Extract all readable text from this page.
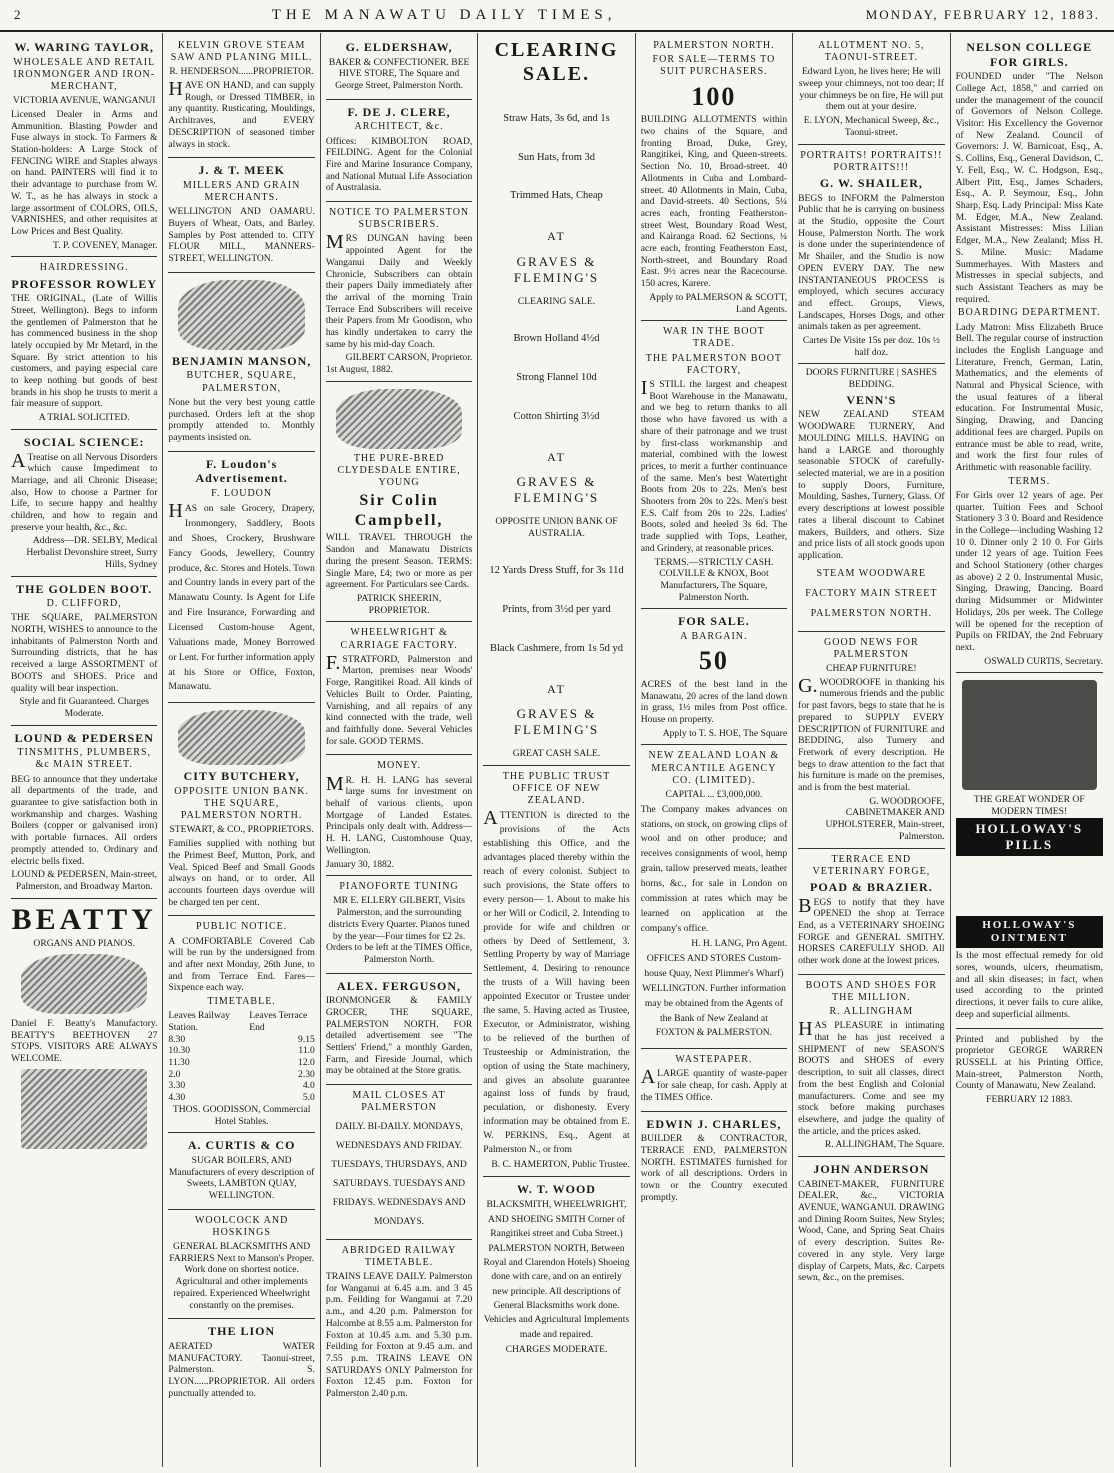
2	THE MANAWATU DAILY TIMES,	MONDAY, FEBRUARY 12, 1883.
W. WARING TAYLOR,
WHOLESALE AND RETAIL IRONMONGER AND IRON-MERCHANT,
VICTORIA AVENUE, WANGANUI

Licensed Dealer in Arms and Ammunition. Blasting Powder and Fuse always in stock. To Farmers & Station-holders: A Large Stock of FENCING WIRE and Staples always on hand. PAINTERS will find it to their advantage to purchase from W. W. T., as he has always in stock a large assortment of COLORS, OILS, VARNISHES, and other requisites at Low Prices and Best Quality.

T. P. COVENEY, Manager.
HAIRDRESSING.
PROFESSOR ROWLEY

THE ORIGINAL, (Late of Willis Street, Wellington). Begs to inform the gentlemen of Palmerston that he has commenced business in the shop lately occupied by Mr Metard, in the Square. By strict attention to his customers, and paying especial care to keep nothing but goods of best brands in his shop he trusts to merit a fair measure of support.

A TRIAL SOLICITED.
SOCIAL SCIENCE:

ATreatise on all Nervous Disorders which cause Impediment to Marriage, and all Chronic Disease; also, How to choose a Partner for Life, to secure happy and healthy children, and how to regain and preserve your health, &c., &c.

Address—DR. SELBY, Medical Herbalist Devonshire street, Surry Hills, Sydney
THE GOLDEN BOOT.
D. CLIFFORD,

THE SQUARE, PALMERSTON NORTH, WISHES to announce to the inhabitants of Palmerston North and Surrounding districts, that he has received a large ASSORTMENT of BOOTS and SHOES. Price and quality will bear inspection.

Style and fit Guaranteed. Charges Moderate.
LOUND & PEDERSEN
TINSMITHS, PLUMBERS, &c MAIN STREET.

BEG to announce that they undertake all departments of the trade, and guarantee to give satisfaction both in workmanship and charges. Washing Boilers (copper or galvanised iron) with portable furnaces. All orders promptly attended to. Ordinary and electric bells fixed.

LOUND & PEDERSEN, Main-street, Palmerston, and Broadway Marton.
BEATTY
ORGANS AND PIANOS.

Daniel F. Beatty's Manufactory. BEATTY'S BEETHOVEN 27 STOPS. VISITORS ARE ALWAYS WELCOME.

KELVIN GROVE STEAM SAW AND PLANING MILL.
R. HENDERSON......PROPRIETOR.

HAVE ON HAND, and can supply Rough, or Dressed TIMBER, in any quantity. Rusticating, Mouldings, Architraves, and EVERY DESCRIPTION of seasoned timber always in stock.

J. & T. MEEK
MILLERS AND GRAIN MERCHANTS.

WELLINGTON AND OAMARU. Buyers of Wheat, Oats, and Barley. Samples by Post attended to. CITY FLOUR MILL, MANNERS-STREET, WELLINGTON.

BENJAMIN MANSON,
BUTCHER, SQUARE, PALMERSTON,

None but the very best young cattle purchased. Orders left at the shop promptly attended to. Monthly payments insisted on.

F. Loudon's Advertisement.
F. LOUDON

HAS on sale Grocery, Drapery, Ironmongery, Saddlery, Boots and Shoes, Crockery, Brushware Fancy Goods, Jewellery, Country produce, &c. Stores and Hotels. Town and Country lands in every part of the Manawatu County. Is Agent for Life and Fire Insurance, Forwarding and Licensed Custom-house Agent, Valuations made, Money Borrowed or Lent. For further information apply at his Store or Office, Foxton, Manawatu.

CITY BUTCHERY,
OPPOSITE UNION BANK. THE SQUARE, PALMERSTON NORTH.
STEWART, & CO., PROPRIETORS.

Families supplied with nothing but the Primest Beef, Mutton, Pork, and Veal. Spiced Beef and Small Goods always on hand, or to order. All accounts fourteen days overdue will be charged ten per cent.

PUBLIC NOTICE.

A COMFORTABLE Covered Cab will be run by the undersigned from and after next Monday, 26th June, to and from Terrace End. Fares—Sixpence each way.

TIMETABLE.
Leaves Railway Station.
Leaves Terrace End
8.30	9.15
10.30	11.0
11.30	12.0
2.0	2.30
3.30	4.0
4.30	5.0
THOS. GOODISSON, Commercial Hotel Stables.
A. CURTIS & CO

SUGAR BOILERS, AND Manufacturers of every description of Sweets, LAMBTON QUAY, WELLINGTON.

WOOLCOCK AND HOSKINGS

GENERAL BLACKSMITHS AND FARRIERS Next to Manson's Proper. Work done on shortest notice. Agricultural and other implements repaired. Experienced Wheelwright constantly on the premises.

THE LION

AERATED WATER MANUFACTORY. Taonui-street, Palmerston. S. LYON......PROPRIETOR. All orders punctually attended to.

G. ELDERSHAW,

BAKER & CONFECTIONER. BEE HIVE STORE, The Square and George Street, Palmerston North.

F. DE J. CLERE,
ARCHITECT, &c.

Offices: KIMBOLTON ROAD, FEILDING. Agent for the Colonial Fire and Marine Insurance Company, and National Mutual Life Association of Australasia.

NOTICE TO PALMERSTON SUBSCRIBERS.

MRS DUNGAN having been appointed Agent for the Wanganui Daily and Weekly Chronicle, Subscribers can obtain their papers Daily immediately after the arrival of the morning Train Terrace End Subscribers will receive their Papers from Mr Goodison, who has kindly undertaken to carry the same by his mid-day Coach.

GILBERT CARSON, Proprietor.
1st August, 1882.
THE PURE-BRED CLYDESDALE ENTIRE, YOUNG
Sir Colin Campbell,

WILL TRAVEL THROUGH the Sandon and Manawatu Districts during the present Season. TERMS: Single Mare, £4; two or more as per agreement. For Particulars see Cards.

PATRICK SHEERIN, PROPRIETOR.
WHEELWRIGHT & CARRIAGE FACTORY.

F.STRATFORD, Palmerston and Marton, premises near Woods' Forge, Rangitikei Road. All kinds of Vehicles Built to Order. Painting, Varnishing, and all repairs of any kind connected with the trade, well and faithfully done. Several Vehicles for sale. GOOD TERMS.

MONEY.

MR. H. H. LANG has several large sums for investment on behalf of various clients, upon Mortgage of Landed Estates. Principals only dealt with. Address— H. H. LANG, Customhouse Quay, Wellington.

January 30, 1882.
PIANOFORTE TUNING

MR E. ELLERY GILBERT, Visits Palmerston, and the surrounding districts Every Quarter. Pianos tuned by the year—Four times for £2 2s. Orders to be left at the TIMES Office, Palmerston North.

ALEX. FERGUSON,

IRONMONGER & FAMILY GROCER, THE SQUARE, PALMERSTON NORTH. FOR detailed advertisement see "The Settlers' Friend," a monthly Garden, Farm, and Fireside Journal, which may be obtained at the Store gratis.

MAIL CLOSES AT PALMERSTON

DAILY. BI-DAILY. MONDAYS, WEDNESDAYS AND FRIDAY. TUESDAYS, THURSDAYS, AND SATURDAYS. TUESDAYS AND FRIDAYS. WEDNESDAYS AND MONDAYS.

ABRIDGED RAILWAY TIMETABLE.

TRAINS LEAVE DAILY. Palmerston for Wanganui at 6.45 a.m. and 3 45 p.m. Feilding for Wanganui at 7.20 a.m., and 4.20 p.m. Palmerston for Halcombe at 8.55 a.m. Palmerston for Foxton at 10.45 a.m. and 5.30 p.m. Feilding for Foxton at 9.45 a.m. and 7.55 p.m. TRAINS LEAVE ON SATURDAYS ONLY Palmerston for Foxton 12.45 p.m. Foxton for Palmerston 2.40 p.m.

CLEARING SALE.
Straw Hats, 3s 6d, and 1s
Sun Hats, from 3d
Trimmed Hats, Cheap
AT
GRAVES & FLEMING'S
CLEARING SALE.
Brown Holland 4½d
Strong Flannel 10d
Cotton Shirting 3½d
AT
GRAVES & FLEMING'S
OPPOSITE UNION BANK OF AUSTRALIA.
12 Yards Dress Stuff, for 3s 11d
Prints, from 3½d per yard
Black Cashmere, from 1s 5d yd
AT
GRAVES & FLEMING'S
GREAT CASH SALE.
THE PUBLIC TRUST OFFICE OF NEW ZEALAND.

ATTENTION is directed to the provisions of the Acts establishing this Office, and the advantages placed thereby within the reach of every colonist. Subject to such provisions, the State offers to every person— 1. About to make his or her Will or Codicil, 2. Intending to provide for wife and children or others by Deed of Settlement, 3. Settling Property by way of Marriage Settlement, 4. Desiring to renounce the trusts of a Will having been appointed Executor or Trustee under the same, 5. Having acted as Trustee, Executor, or Administrator, wishing to be relieved of the burthen of Trusteeship or Administration, the option of using the State machinery, and gives an absolute guarantee against loss of funds by fraud, peculation, or dishonesty. Every information may be obtained from E. W. PERKINS, Esq., Agent at Palmerston N., or from

B. C. HAMERTON, Public Trustee.
W. T. WOOD

BLACKSMITH, WHEELWRIGHT, AND SHOEING SMITH Corner of Rangitikei street and Cuba Street.) PALMERSTON NORTH, Between Royal and Clarendon Hotels) Shoeing done with care, and on an entirely new principle. All descriptions of General Blacksmiths work done. Vehicles and Agricultural Implements made and repaired.

CHARGES MODERATE.
PALMERSTON NORTH.
FOR SALE—TERMS TO SUIT PURCHASERS.
100

BUILDING ALLOTMENTS within two chains of the Square, and fronting Broad, Duke, Grey, Rangitikei, King, and Queen-streets. Section No. 10, Broad-street. 40 Allotments in Cuba and Lombard-street. 40 Allotments in Main, Cuba, and David-streets. 40 Sections, 5¼ acres each, fronting Featherston-street West, Boundary Road West, and Kairanga Road. 62 Sections, ¼ acre each, fronting Featherston East, North-street, and Boundary Road East. 9½ acres near the Racecourse. 150 acres, Karere.

Apply to PALMERSON & SCOTT, Land Agents.
WAR IN THE BOOT TRADE.
THE PALMERSTON BOOT FACTORY,

IS STILL the largest and cheapest Boot Warehouse in the Manawatu, and we beg to return thanks to all those who have favored us with a share of their patronage and we trust by first-class workmanship and material, combined with the lowest prices, to merit a further continuance of the same. Men's best Watertight Boots from 20s to 22s. Men's best Shooters from 20s to 22s. Men's best E.S. Calf from 20s to 22s. Ladies' Boots, soled and heeled 3s 6d. The trade supplied with Tops, Leather, and Grindery, at reasonable prices.

TERMS.—STRICTLY CASH.
COLVILLE & KNOX, Boot Manufacturers, The Square, Palmerston North.
FOR SALE.
A BARGAIN.
50

ACRES of the best land in the Manawatu, 20 acres of the land down in grass, 1½ miles from Post office. House on property.

Apply to T. S. HOE, The Square
NEW ZEALAND LOAN & MERCANTILE AGENCY CO. (LIMITED).
CAPITAL ... £3,000,000.

The Company makes advances on stations, on stock, on growing clips of wool and on other produce; and receives consignments of wool, hemp grain, tallow preserved meats, leather horns, &c., for sale in London on commission at rates which may be learned on application at the company's office.

H. H. LANG, Pro Agent.

OFFICES AND STORES Custom-house Quay, Next Plimmer's Wharf) WELLINGTON. Further information may be obtained from the Agents of the Bank of New Zealand at FOXTON & PALMERSTON.

WASTEPAPER.

ALARGE quantity of waste-paper for sale cheap, for cash. Apply at the TIMES Office.

EDWIN J. CHARLES,

BUILDER & CONTRACTOR, TERRACE END, PALMERSTON NORTH. ESTIMATES furnished for work of all descriptions. Orders in town or the Country executed promptly.

ALLOTMENT NO. 5, TAONUI-STREET.

Edward Lyon, he lives here; He will sweep your chimneys, not too dear; If your chimneys be on fire, He will put them out at your desire.

E. LYON, Mechanical Sweep, &c., Taonui-street.
PORTRAITS! PORTRAITS!! PORTRAITS!!!
G. W. SHAILER,

BEGS to INFORM the Palmerston Public that he is carrying on business at the Studio, opposite the Court House, Palmerston North. The work is done under the superintendence of Mr Shailer, and the Studio is now OPEN EVERY DAY. The new INSTANTANEOUS PROCESS is employed, which secures accuracy and effect. Groups, Views, Landscapes, Horses Dogs, and other animals taken as per agreement.

Cartes De Visite 15s per doz. 10s ½ half doz.
DOORS FURNITURE | SASHES BEDDING.
VENN'S

NEW ZEALAND STEAM WOODWARE TURNERY, And MOULDING MILLS. HAVING on hand a LARGE and thoroughly seasonable STOCK of carefully-selected material, we are in a position to supply Doors, Furniture, Moulding, Sashes, Turnery, Glass. Of every descriptions at lowest possible rates a liberal discount to Cabinet makers, Builders, and others. Size and price lists of all stock goods upon application.

STEAM WOODWARE FACTORY MAIN STREET PALMERSTON NORTH.
GOOD NEWS FOR PALMERSTON
CHEAP FURNITURE!

G.WOODROOFE in thanking his numerous friends and the public for past favors, begs to state that he is prepared to SUPPLY EVERY DESCRIPTION of FURNITURE and BEDDING, also Turnery and Fretwork of every description. He begs to draw attention to the fact that his furniture is made on the premises, and is from the best material.

G. WOODROOFE, CABINETMAKER AND UPHOLSTERER, Main-street, Palmerston.
TERRACE END VETERINARY FORGE,
POAD & BRAZIER.

BEGS to notify that they have OPENED the shop at Terrace End, as a VETERINARY SHOEING FORGE and GENERAL SMITHY. HORSES CAREFULLY SHOD. All other work done at the lowest prices.

BOOTS AND SHOES FOR THE MILLION.
R. ALLINGHAM

HAS PLEASURE in intimating that he has just received a SHIPMENT of new SEASON'S BOOTS and SHOES of every description, to suit all classes, direct from the best English and Colonial manufacturers. Come and see my stock before making purchases elsewhere, and judge the quality of the article, and the prices asked.

R. ALLINGHAM, The Square.
JOHN ANDERSON

CABINET-MAKER, FURNITURE DEALER, &c., VICTORIA AVENUE, WANGANUI. DRAWING and Dining Room Suites, New Styles; Wood, Cane, and Spring Seat Chairs of every description. Suites Re-covered in any style. Very large display of Carpets, Mats, &c. Carpets sewn, &c., on the premises.

NELSON COLLEGE FOR GIRLS.

FOUNDED under "The Nelson College Act, 1858," and carried on under the management of the council of Governors of Nelson College. Visitor: His Excellency the Governor of New Zealand. Council of Governors: J. W. Barnicoat, Esq., A. S. Collins, Esq., General Davidson, C. Y. Fell, Esq., W. C. Hodgson, Esq., Albert Pitt, Esq., James Schaders, Esq., A. P. Seymour, Esq., John Sharp, Esq. Lady Principal: Miss Kate M. Edger, M.A., New Zealand. Assistant Mistresses: Miss Lilian Edger, M.A., New Zealand; Miss H. S. Milne. Music: Madame Summerhayes. With Masters and Mistresses in special subjects, and such Assistant Teachers as may be required.

BOARDING DEPARTMENT.

Lady Matron: Miss Elizabeth Bruce Bell. The regular course of instruction includes the English Language and Literature, French, German, Latin, Mathematics, and the elements of Natural and Physical Science, with the usual features of a liberal education. For Instrumental Music, Singing, Drawing, and Dancing additional fees are charged. Pupils on entrance must be able to read, write, and work the first four rules of Arithmetic with reasonable facility.

TERMS.

For Girls over 12 years of age. Per quarter. Tuition Fees and School Stationery 3 3 0. Board and Residence in the College—including Washing 12 10 0. Dinner only 2 10 0. For Girls under 12 years of age. Tuition Fees and School Stationery (other charges as above) 2 2 0. Instrumental Music, Singing, Drawing, Dancing. Board during Midsummer or Midwinter Holidays, 20s per week. The College will be opened for the reception of Pupils on FRIDAY, the 2nd February next.

OSWALD CURTIS, Secretary.
THE GREAT WONDER OF MODERN TIMES!
HOLLOWAY'S PILLS
HOLLOWAY'S OINTMENT

Is the most effectual remedy for old sores, wounds, ulcers, rheumatism, and all skin diseases; in fact, when used according to the printed directions, it never fails to cure alike, deep and superficial ailments.

Printed and published by the proprietor GEORGE WARREN RUSSELL at his Printing Office, Main-street, Palmerston North, County of Manawatu, New Zealand.

FEBRUARY 12 1883.
